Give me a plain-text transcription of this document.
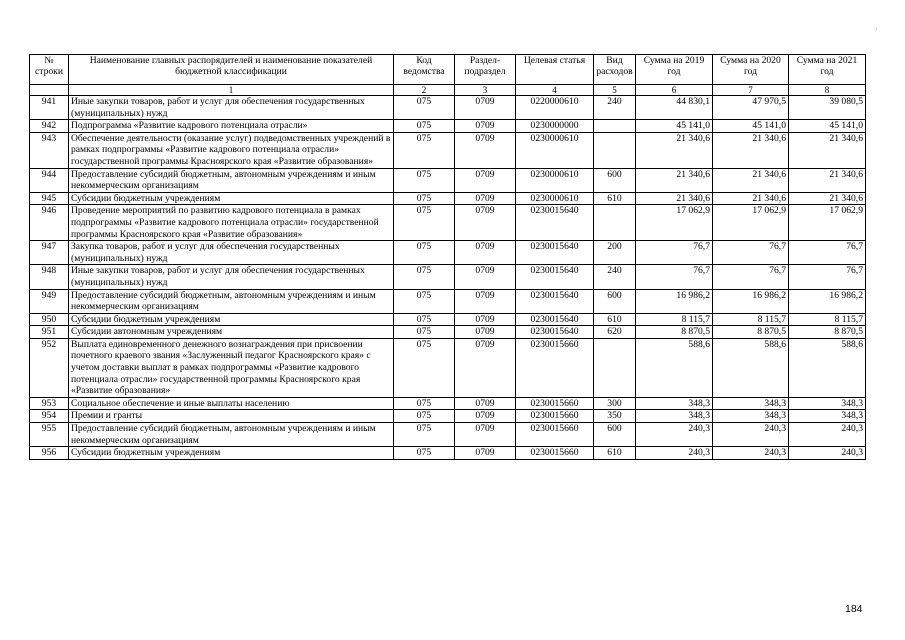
№ строки	Наименование главных распорядителей и наименование показателей бюджетной классификации	Код ведомства	Раздел-подраздел	Целевая статья	Вид расходов	Сумма на 2019 год	Сумма на 2020 год	Сумма на 2021 год
	1	2	3	4	5	6	7	8
941	Иные закупки товаров, работ и услуг для обеспечения государственных (муниципальных) нужд	075	0709	0220000610	240	44 830,1	47 970,5	39 080,5
942	Подпрограмма «Развитие кадрового потенциала отрасли»	075	0709	0230000000		45 141,0	45 141,0	45 141,0
943	Обеспечение деятельности (оказание услуг) подведомственных учреждений в рамках подпрограммы «Развитие кадрового потенциала отрасли» государственной программы Красноярского края «Развитие образования»	075	0709	0230000610		21 340,6	21 340,6	21 340,6
944	Предоставление субсидий бюджетным, автономным учреждениям и иным некоммерческим организациям	075	0709	0230000610	600	21 340,6	21 340,6	21 340,6
945	Субсидии бюджетным учреждениям	075	0709	0230000610	610	21 340,6	21 340,6	21 340,6
946	Проведение мероприятий по развитию кадрового потенциала в рамках подпрограммы «Развитие кадрового потенциала отрасли» государственной программы Красноярского края «Развитие образования»	075	0709	0230015640		17 062,9	17 062,9	17 062,9
947	Закупка товаров, работ и услуг для обеспечения государственных (муниципальных) нужд	075	0709	0230015640	200	76,7	76,7	76,7
948	Иные закупки товаров, работ и услуг для обеспечения государственных (муниципальных) нужд	075	0709	0230015640	240	76,7	76,7	76,7
949	Предоставление субсидий бюджетным, автономным учреждениям и иным некоммерческим организациям	075	0709	0230015640	600	16 986,2	16 986,2	16 986,2
950	Субсидии бюджетным учреждениям	075	0709	0230015640	610	8 115,7	8 115,7	8 115,7
951	Субсидии автономным учреждениям	075	0709	0230015640	620	8 870,5	8 870,5	8 870,5
952	Выплата единовременного денежного вознаграждения при присвоении почетного краевого звания «Заслуженный педагог Красноярского края» с учетом доставки выплат в рамках подпрограммы «Развитие кадрового потенциала отрасли» государственной программы Красноярского края «Развитие образования»	075	0709	0230015660		588,6	588,6	588,6
953	Социальное обеспечение и иные выплаты населению	075	0709	0230015660	300	348,3	348,3	348,3
954	Премии и гранты	075	0709	0230015660	350	348,3	348,3	348,3
955	Предоставление субсидий бюджетным, автономным учреждениям и иным некоммерческим организациям	075	0709	0230015660	600	240,3	240,3	240,3
956	Субсидии бюджетным учреждениям	075	0709	0230015660	610	240,3	240,3	240,3
·
184
